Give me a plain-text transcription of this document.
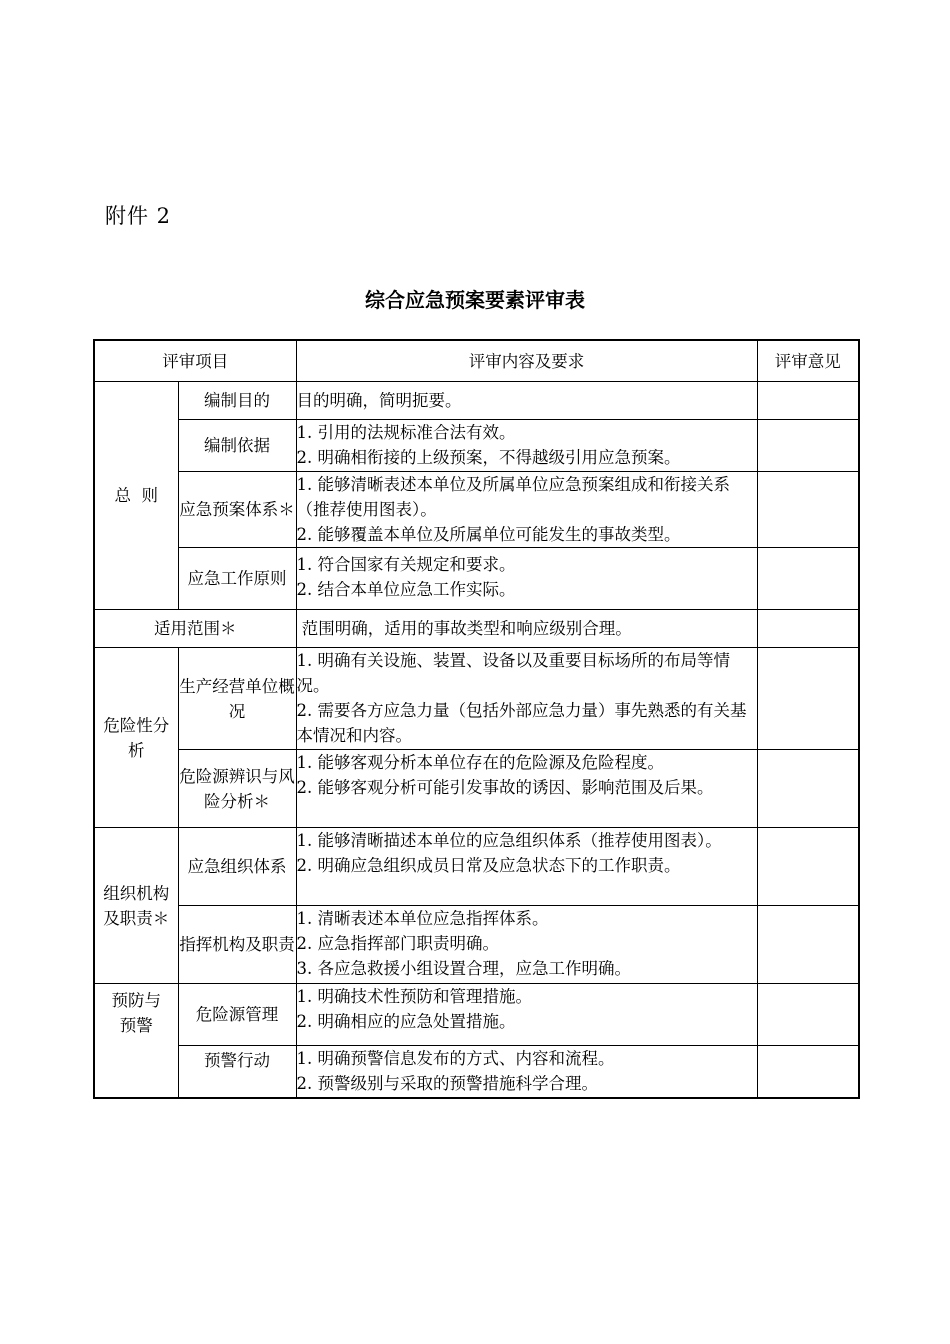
附件 2
综合应急预案要素评审表
评审项目		评审内容及要求	评审意见
总  则	编制目的	目的明确，简明扼要。	

	编制依据	1. 引用的法规标准合法有效。
2. 明确相衔接的上级预案，不得越级引用应急预案。	

	应急预案体系＊	1. 能够清晰表述本单位及所属单位应急预案组成和衔接关系（推荐使用图表）。
2. 能够覆盖本单位及所属单位可能发生的事故类型。	

	应急工作原则	1. 符合国家有关规定和要求。
2. 结合本单位应急工作实际。	

适用范围＊		范围明确，适用的事故类型和响应级别合理。	

危险性分析	生产经营单位概况	1. 明确有关设施、装置、设备以及重要目标场所的布局等情况。
2. 需要各方应急力量（包括外部应急力量）事先熟悉的有关基本情况和内容。	

	危险源辨识与风险分析＊	1. 能够客观分析本单位存在的危险源及危险程度。
2. 能够客观分析可能引发事故的诱因、影响范围及后果。	

组织机构及职责＊	应急组织体系	1. 能够清晰描述本单位的应急组织体系（推荐使用图表）。
2. 明确应急组织成员日常及应急状态下的工作职责。	

	指挥机构及职责	1. 清晰表述本单位应急指挥体系。
2. 应急指挥部门职责明确。
3. 各应急救援小组设置合理，应急工作明确。	

预防与预警	危险源管理	1. 明确技术性预防和管理措施。
2. 明确相应的应急处置措施。	

	预警行动	1. 明确预警信息发布的方式、内容和流程。
2. 预警级别与采取的预警措施科学合理。	
